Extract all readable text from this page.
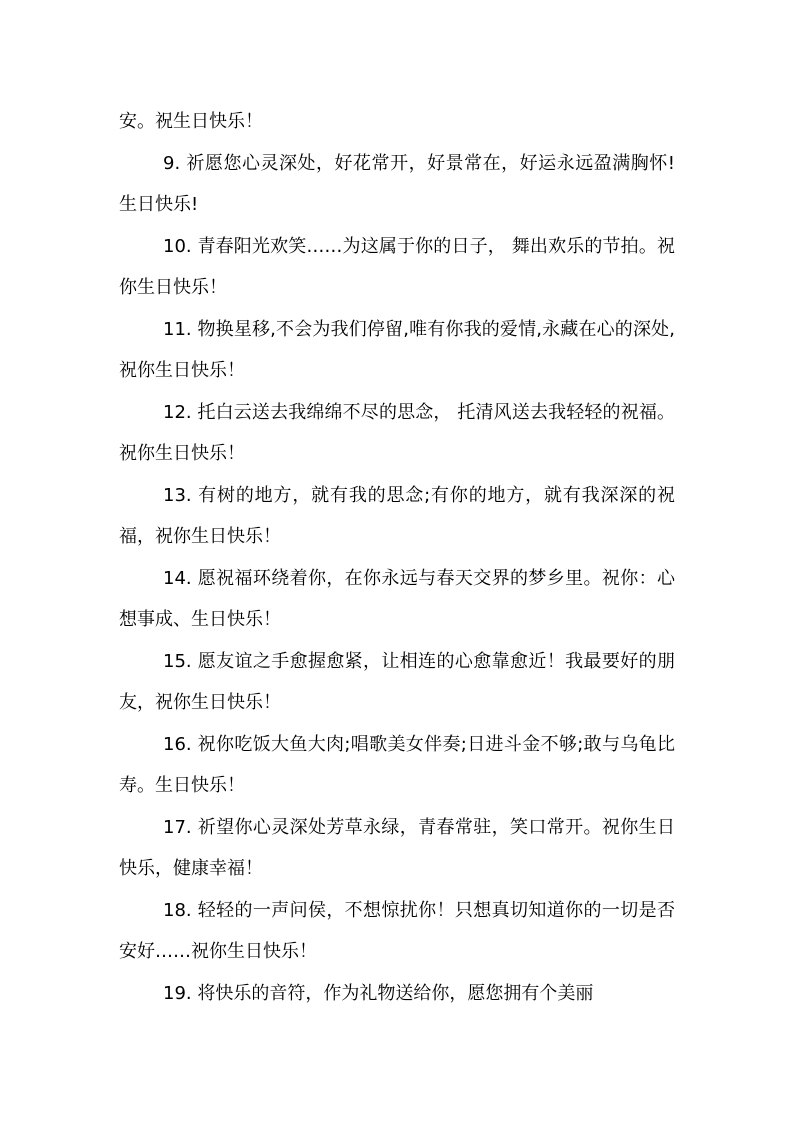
安。祝生日快乐！

9. 祈愿您心灵深处，好花常开，好景常在，好运永远盈满胸怀!生日快乐!

10. 青春阳光欢笑……为这属于你的日子， 舞出欢乐的节拍。祝你生日快乐！

11. 物换星移,不会为我们停留,唯有你我的爱情,永藏在心的深处,祝你生日快乐！

12. 托白云送去我绵绵不尽的思念， 托清风送去我轻轻的祝福。祝你生日快乐！

13. 有树的地方，就有我的思念;有你的地方，就有我深深的祝福，祝你生日快乐！

14. 愿祝福环绕着你，在你永远与春天交界的梦乡里。祝你：心想事成、生日快乐！

15. 愿友谊之手愈握愈紧，让相连的心愈靠愈近！我最要好的朋友，祝你生日快乐！

16. 祝你吃饭大鱼大肉;唱歌美女伴奏;日进斗金不够;敢与乌龟比寿。生日快乐！

17. 祈望你心灵深处芳草永绿，青春常驻，笑口常开。祝你生日快乐，健康幸福！

18. 轻轻的一声问侯，不想惊扰你！只想真切知道你的一切是否安好……祝你生日快乐！

19. 将快乐的音符，作为礼物送给你，愿您拥有个美丽
